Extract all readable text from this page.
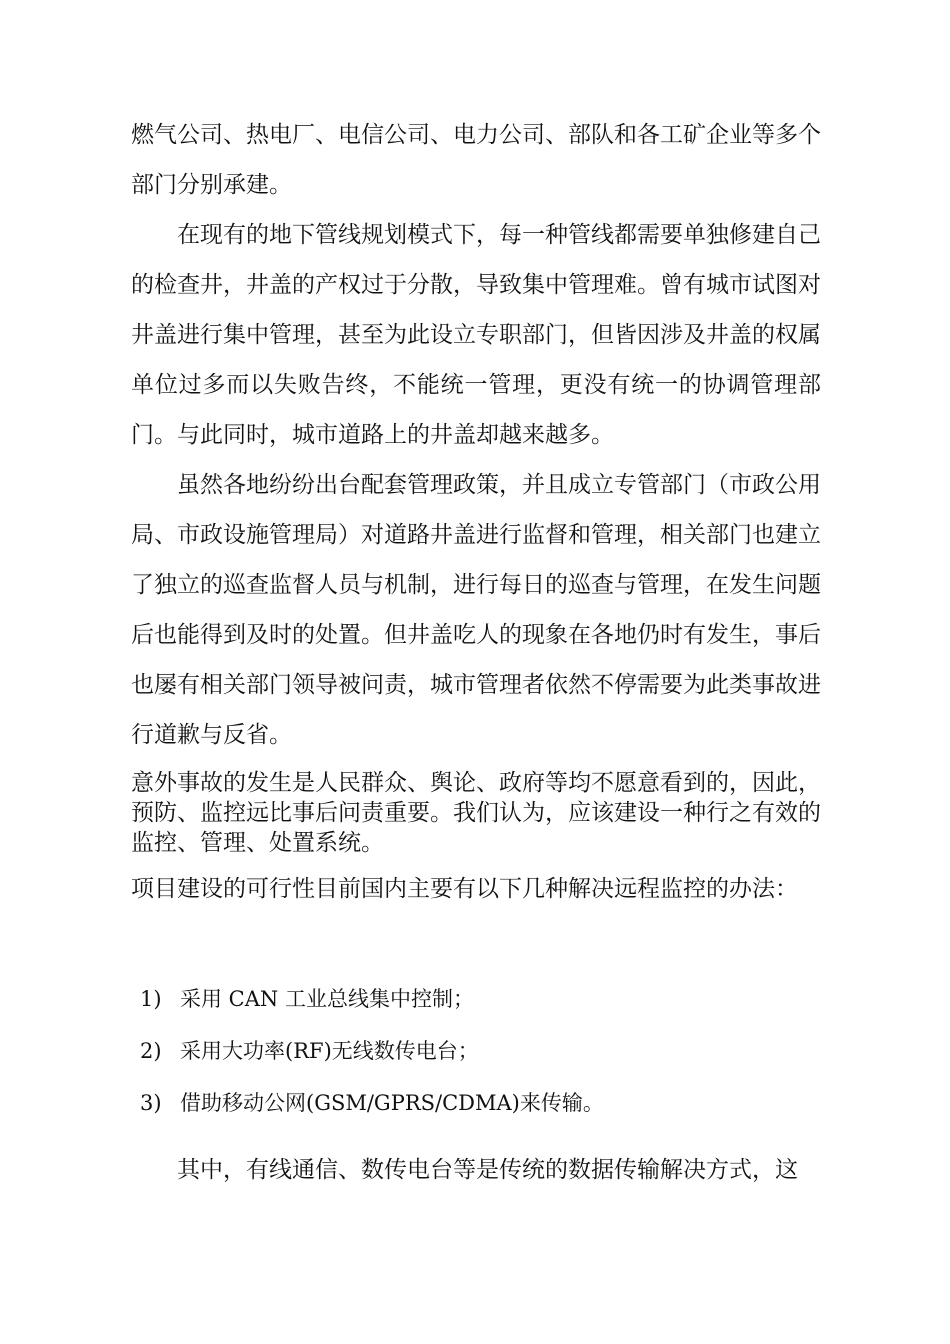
燃气公司、热电厂、电信公司、电力公司、部队和各工矿企业等多个部门分别承建。

在现有的地下管线规划模式下，每一种管线都需要单独修建自己的检查井，井盖的产权过于分散，导致集中管理难。曾有城市试图对井盖进行集中管理，甚至为此设立专职部门，但皆因涉及井盖的权属单位过多而以失败告终，不能统一管理，更没有统一的协调管理部门。与此同时，城市道路上的井盖却越来越多。

虽然各地纷纷出台配套管理政策，并且成立专管部门（市政公用局、市政设施管理局）对道路井盖进行监督和管理，相关部门也建立了独立的巡查监督人员与机制，进行每日的巡查与管理，在发生问题后也能得到及时的处置。但井盖吃人的现象在各地仍时有发生，事后也屡有相关部门领导被问责，城市管理者依然不停需要为此类事故进行道歉与反省。

意外事故的发生是人民群众、舆论、政府等均不愿意看到的，因此，预防、监控远比事后问责重要。我们认为，应该建设一种行之有效的监控、管理、处置系统。

项目建设的可行性目前国内主要有以下几种解决远程监控的办法：

1) 采用 CAN 工业总线集中控制；
2) 采用大功率(RF)无线数传电台；
3) 借助移动公网(GSM/GPRS/CDMA)来传输。

其中，有线通信、数传电台等是传统的数据传输解决方式，这
